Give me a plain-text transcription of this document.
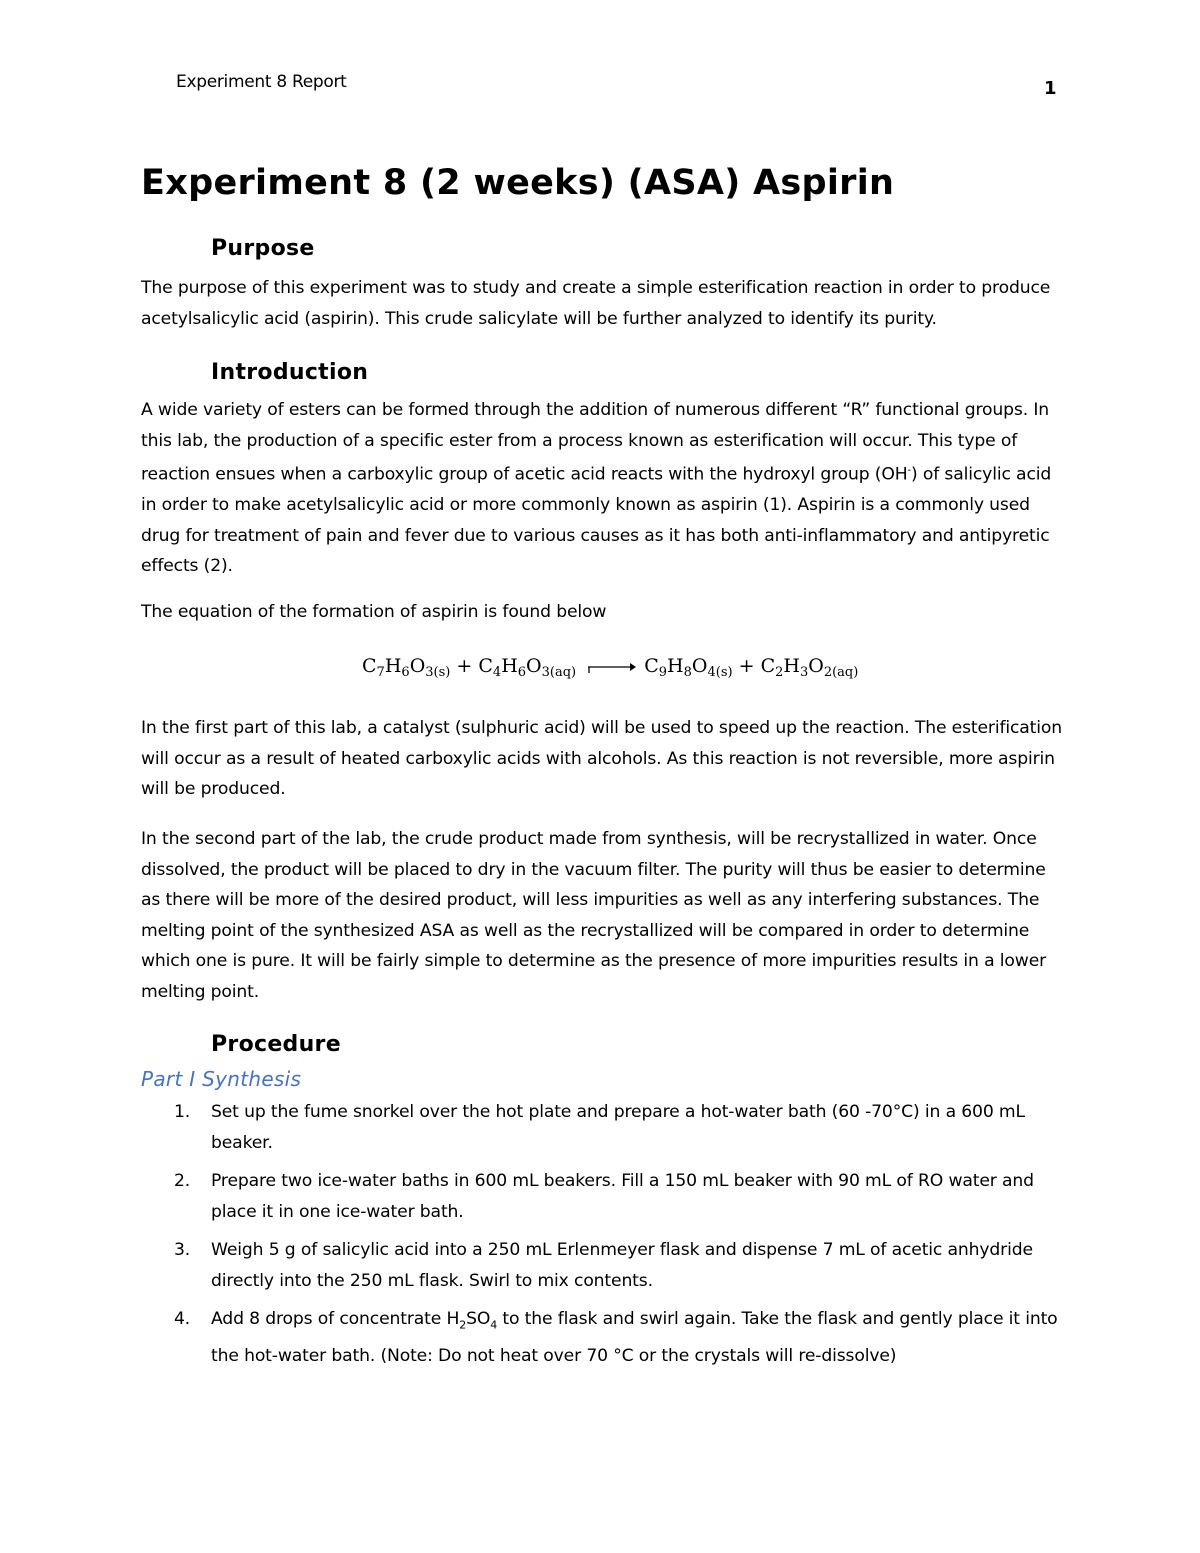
Experiment 8 Report	1
Experiment 8 (2 weeks) (ASA) Aspirin
Purpose

The purpose of this experiment was to study and create a simple esterification reaction in order to produce acetylsalicylic acid (aspirin). This crude salicylate will be further analyzed to identify its purity.

Introduction

A wide variety of esters can be formed through the addition of numerous different “R” functional groups. In this lab, the production of a specific ester from a process known as esterification will occur. This type of reaction ensues when a carboxylic group of acetic acid reacts with the hydroxyl group (OH-) of salicylic acid in order to make acetylsalicylic acid or more commonly known as aspirin (1). Aspirin is a commonly used drug for treatment of pain and fever due to various causes as it has both anti-inflammatory and antipyretic effects (2).

The equation of the formation of aspirin is found below

$C_7H_6O_{3(s)} + C_4H_6O_{3(aq)} \to C_9H_8O_{4(s)} + C_2H_3O_{2(aq)}$

In the first part of this lab, a catalyst (sulphuric acid) will be used to speed up the reaction. The esterification will occur as a result of heated carboxylic acids with alcohols. As this reaction is not reversible, more aspirin will be produced.

In the second part of the lab, the crude product made from synthesis, will be recrystallized in water. Once dissolved, the product will be placed to dry in the vacuum filter. The purity will thus be easier to determine as there will be more of the desired product, will less impurities as well as any interfering substances. The melting point of the synthesized ASA as well as the recrystallized will be compared in order to determine which one is pure. It will be fairly simple to determine as the presence of more impurities results in a lower melting point.

Procedure
Part I Synthesis
1. Set up the fume snorkel over the hot plate and prepare a hot-water bath (60 -70°C) in a 600 mL beaker.
2. Prepare two ice-water baths in 600 mL beakers. Fill a 150 mL beaker with 90 mL of RO water and place it in one ice-water bath.
3. Weigh 5 g of salicylic acid into a 250 mL Erlenmeyer flask and dispense 7 mL of acetic anhydride directly into the 250 mL flask. Swirl to mix contents.
4. Add 8 drops of concentrate $H_2SO_4$ to the flask and swirl again. Take the flask and gently place it into the hot-water bath. (Note: Do not heat over 70 °C or the crystals will re-dissolve)
